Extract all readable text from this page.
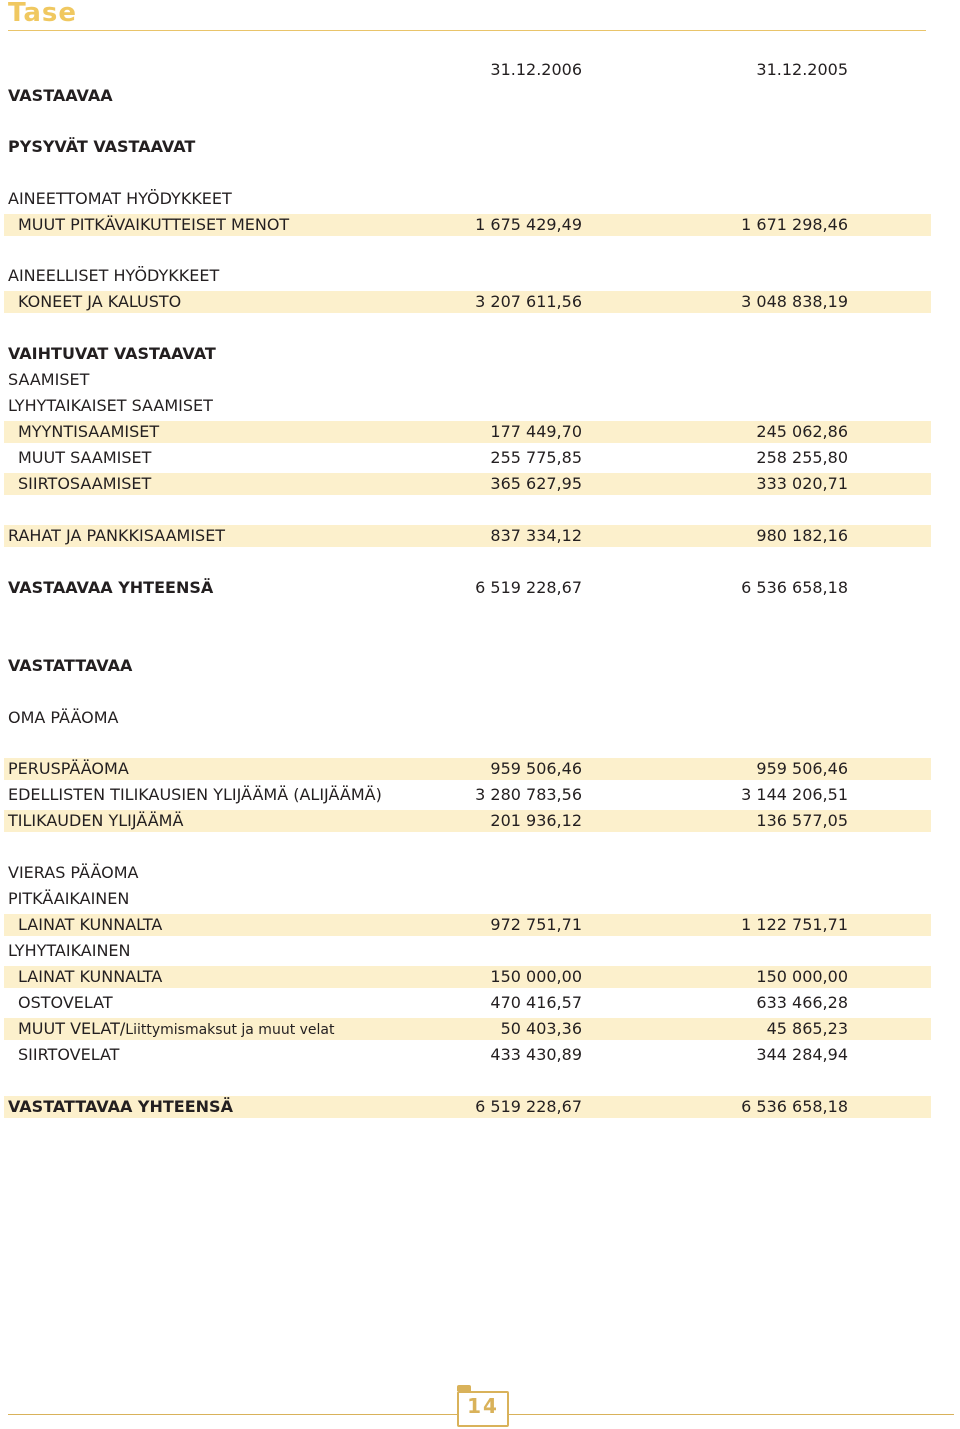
Tase
31.12.2006	31.12.2005
VASTAAVAA
PYSYVÄT VASTAAVAT
AINEETTOMAT HYÖDYKKEET
MUUT PITKÄVAIKUTTEISET MENOT	1 675 429,49	1 671 298,46
AINEELLISET HYÖDYKKEET
KONEET JA KALUSTO	3 207 611,56	3 048 838,19
VAIHTUVAT VASTAAVAT
SAAMISET
LYHYTAIKAISET SAAMISET
MYYNTISAAMISET	177 449,70	245 062,86
MUUT SAAMISET	255 775,85	258 255,80
SIIRTOSAAMISET	365 627,95	333 020,71
RAHAT JA PANKKISAAMISET	837 334,12	980 182,16
VASTAAVAA YHTEENSÄ	6 519 228,67	6 536 658,18
VASTATTAVAA
OMA PÄÄOMA
PERUSPÄÄOMA	959 506,46	959 506,46
EDELLISTEN TILIKAUSIEN YLIJÄÄMÄ (ALIJÄÄMÄ)	3 280 783,56	3 144 206,51
TILIKAUDEN YLIJÄÄMÄ	201 936,12	136 577,05
VIERAS PÄÄOMA
PITKÄAIKAINEN
LAINAT KUNNALTA	972 751,71	1 122 751,71
LYHYTAIKAINEN
LAINAT KUNNALTA	150 000,00	150 000,00
OSTOVELAT	470 416,57	633 466,28
MUUT VELAT/Liittymismaksut ja muut velat	50 403,36	45 865,23
SIIRTOVELAT	433 430,89	344 284,94
VASTATTAVAA YHTEENSÄ	6 519 228,67	6 536 658,18
14
